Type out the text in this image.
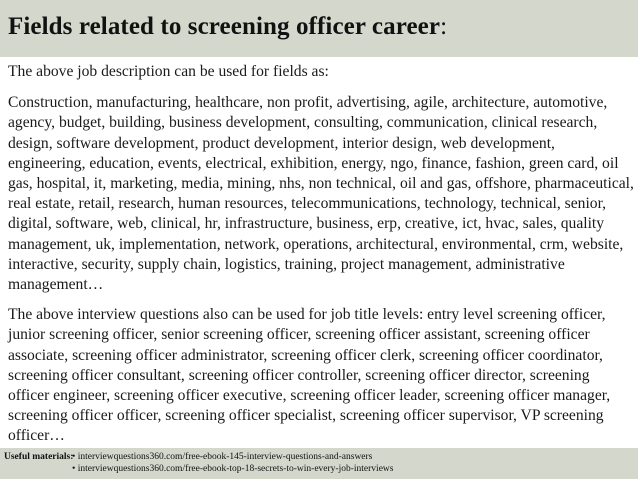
Fields related to screening officer career:

The above job description can be used for fields as:

Construction, manufacturing, healthcare, non profit, advertising, agile, architecture, automotive, agency, budget, building, business development, consulting, communication, clinical research, design, software development, product development, interior design, web development, engineering, education, events, electrical, exhibition, energy, ngo, finance, fashion, green card, oil gas, hospital, it, marketing, media, mining, nhs, non technical, oil and gas, offshore, pharmaceutical, real estate, retail, research, human resources, telecommunications, technology, technical, senior, digital, software, web, clinical, hr, infrastructure, business, erp, creative, ict, hvac, sales, quality management, uk, implementation, network, operations, architectural, environmental, crm, website, interactive, security, supply chain, logistics, training, project management, administrative management…

The above interview questions also can be used for job title levels: entry level screening officer, junior screening officer, senior screening officer, screening officer assistant, screening officer associate, screening officer administrator, screening officer clerk, screening officer coordinator, screening officer consultant, screening officer controller, screening officer director, screening officer engineer, screening officer executive, screening officer leader, screening officer manager, screening officer officer, screening officer specialist, screening officer supervisor, VP screening officer…

Useful materials:
• interviewquestions360.com/free-ebook-145-interview-questions-and-answers
• interviewquestions360.com/free-ebook-top-18-secrets-to-win-every-job-interviews
